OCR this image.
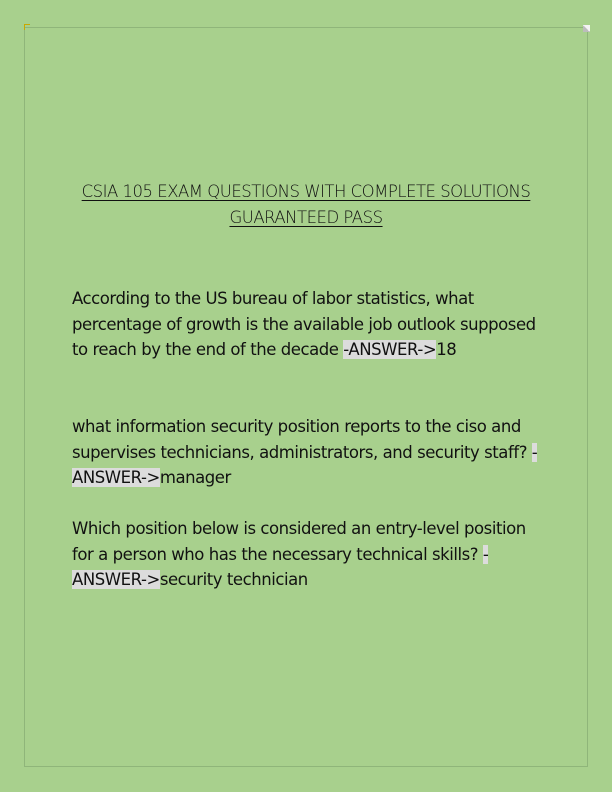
CSIA 105 EXAM QUESTIONS WITH COMPLETE SOLUTIONS
GUARANTEED PASS
According to the US bureau of labor statistics, what percentage of growth is the available job outlook supposed to reach by the end of the decade -ANSWER->18
what information security position reports to the ciso and supervises technicians, administrators, and security staff? -ANSWER->manager
Which position below is considered an entry-level position for a person who has the necessary technical skills? -ANSWER->security technician
